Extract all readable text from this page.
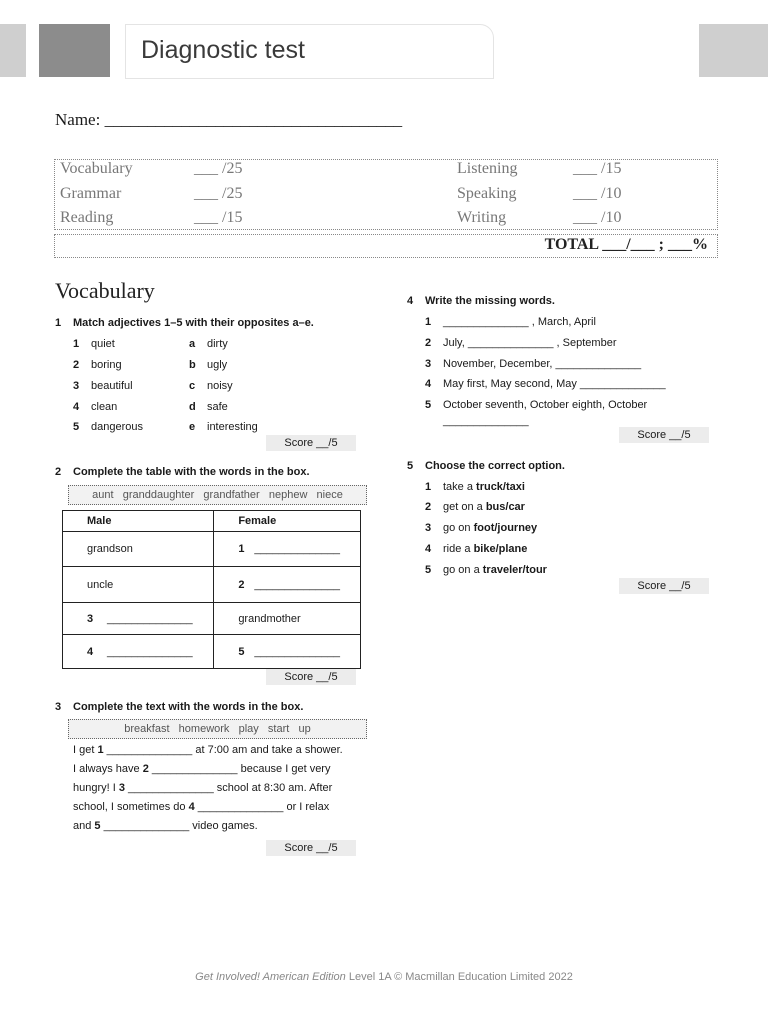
Diagnostic test
Name: ___________________________________
Vocabulary	___ /25
Grammar	___ /25
Reading	___ /15
Listening	___ /15
Speaking	___ /10
Writing	___ /10
TOTAL ___/___ ; ___%
Vocabulary
1 Match adjectives 1–5 with their opposites a–e.
1 quiet	a dirty
2 boring	b ugly
3 beautiful	c noisy
4 clean	d safe
5 dangerous	e interesting
Score __/5
2 Complete the table with the words in the box.
aunt   granddaughter   grandfather   nephew   niece
Male	Female
grandson	1 ______________
uncle	2 ______________
3 ______________	grandmother
4 ______________	5 ______________
Score __/5
3 Complete the text with the words in the box.
breakfast   homework   play   start   up
I get 1 ______________ at 7:00 am and take a shower.
I always have 2 ______________ because I get very
hungry! I 3 ______________ school at 8:30 am. After
school, I sometimes do 4 ______________ or I relax
and 5 ______________ video games.
Score __/5
4 Write the missing words.
1 ______________ , March, April
2 July, ______________ , September
3 November, December, ______________
4 May first, May second, May ______________
5 October seventh, October eighth, October
______________
Score __/5
5 Choose the correct option.
1 take a truck/taxi
2 get on a bus/car
3 go on foot/journey
4 ride a bike/plane
5 go on a traveler/tour
Score __/5
Get Involved! American Edition Level 1A © Macmillan Education Limited 2022
